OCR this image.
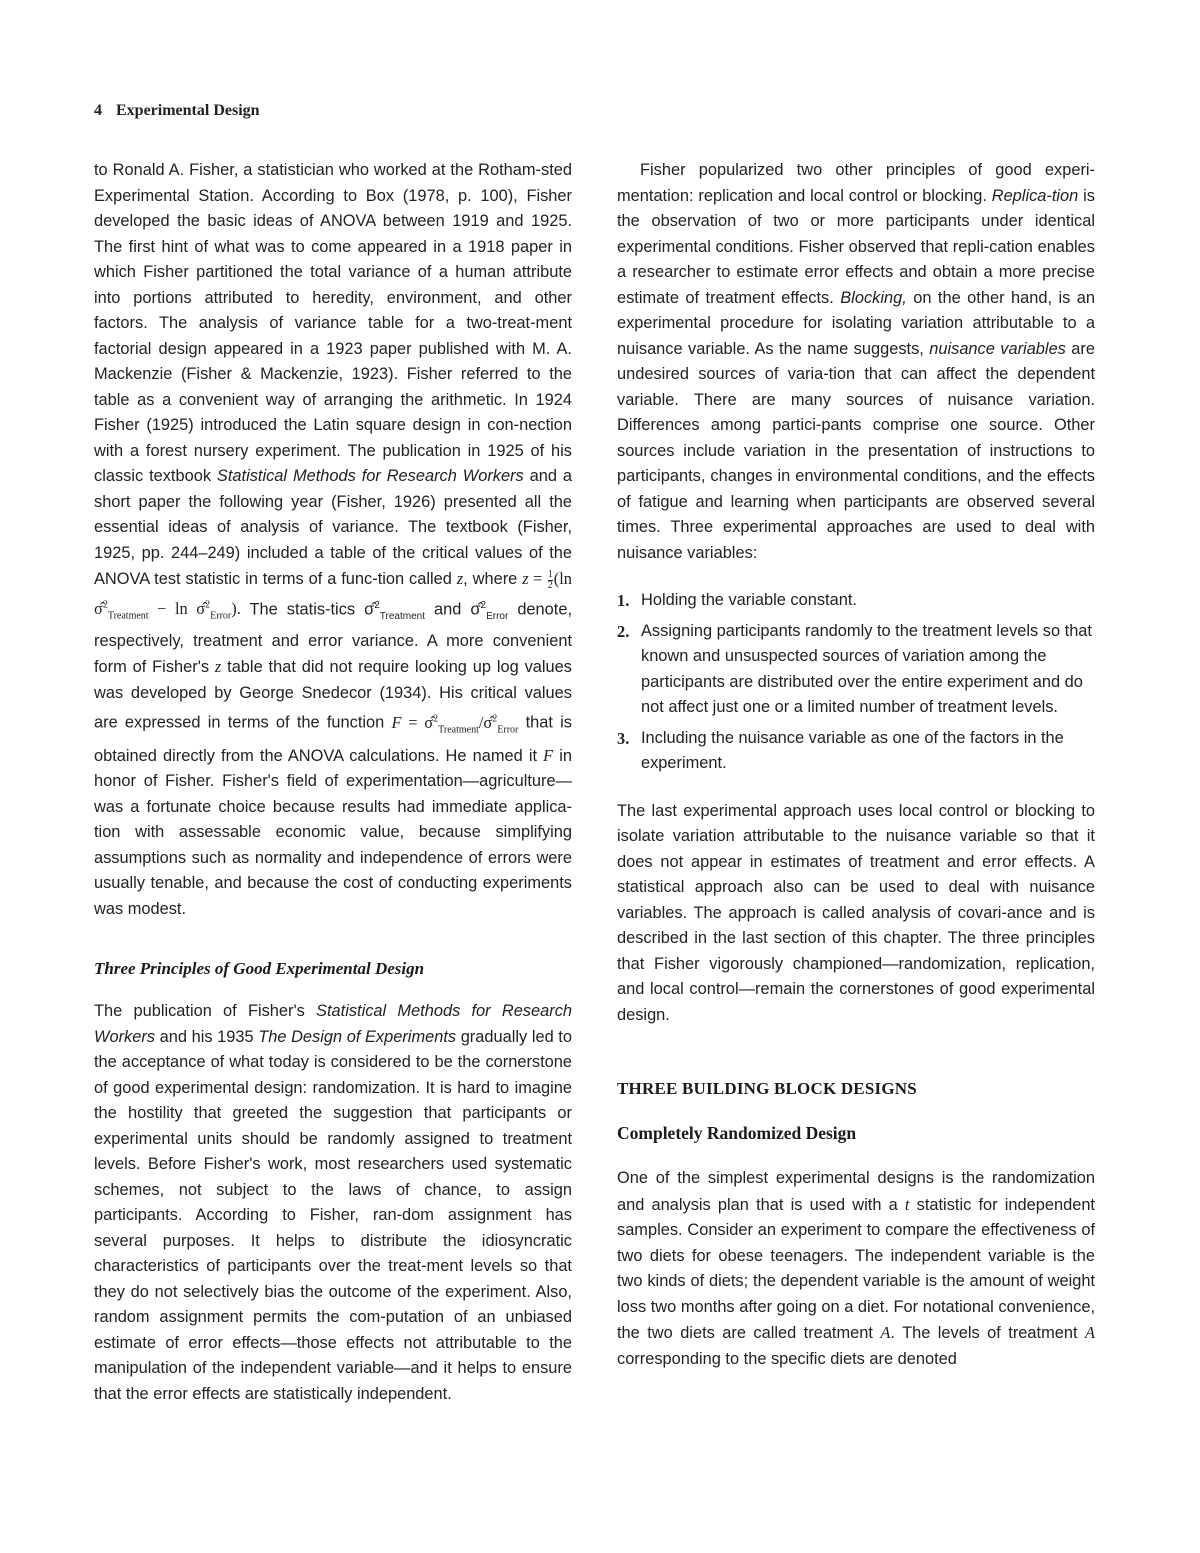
4 Experimental Design

to Ronald A. Fisher, a statistician who worked at the Rotham-sted Experimental Station. According to Box (1978, p. 100), Fisher developed the basic ideas of ANOVA between 1919 and 1925. The first hint of what was to come appeared in a 1918 paper in which Fisher partitioned the total variance of a human attribute into portions attributed to heredity, environment, and other factors. The analysis of variance table for a two-treat-ment factorial design appeared in a 1923 paper published with M. A. Mackenzie (Fisher & Mackenzie, 1923). Fisher referred to the table as a convenient way of arranging the arithmetic. In 1924 Fisher (1925) introduced the Latin square design in con-nection with a forest nursery experiment. The publication in 1925 of his classic textbook Statistical Methods for Research Workers and a short paper the following year (Fisher, 1926) presented all the essential ideas of analysis of variance. The textbook (Fisher, 1925, pp. 244–249) included a table of the critical values of the ANOVA test statistic in terms of a func-tion called z, where $z = \frac{1}{2} (\ln$ σ̂$^2_{Treatment}$ − ln σ̂$^2_{Error}$). The statis-tics σ̂$^2_{Treatment}$ and σ̂$^2_{Error}$ denote, respectively, treatment and error variance. A more convenient form of Fisher's z table that did not require looking up log values was developed by George Snedecor (1934). His critical values are expressed in terms of the function F = σ̂$^2_{Treatment}$/σ̂$^2_{Error}$ that is obtained directly from the ANOVA calculations. He named it F in honor of Fisher. Fisher's field of experimentation—agriculture—was a fortunate choice because results had immediate applica-tion with assessable economic value, because simplifying assumptions such as normality and independence of errors were usually tenable, and because the cost of conducting experiments was modest.

Three Principles of Good Experimental Design

The publication of Fisher's Statistical Methods for Research Workers and his 1935 The Design of Experiments gradually led to the acceptance of what today is considered to be the cornerstone of good experimental design: randomization. It is hard to imagine the hostility that greeted the suggestion that participants or experimental units should be randomly assigned to treatment levels. Before Fisher's work, most researchers used systematic schemes, not subject to the laws of chance, to assign participants. According to Fisher, ran-dom assignment has several purposes. It helps to distribute the idiosyncratic characteristics of participants over the treat-ment levels so that they do not selectively bias the outcome of the experiment. Also, random assignment permits the com-putation of an unbiased estimate of error effects—those effects not attributable to the manipulation of the independent variable—and it helps to ensure that the error effects are statistically independent.

Fisher popularized two other principles of good experi-mentation: replication and local control or blocking. Replica-tion is the observation of two or more participants under identical experimental conditions. Fisher observed that repli-cation enables a researcher to estimate error effects and obtain a more precise estimate of treatment effects. Blocking, on the other hand, is an experimental procedure for isolating variation attributable to a nuisance variable. As the name suggests, nuisance variables are undesired sources of varia-tion that can affect the dependent variable. There are many sources of nuisance variation. Differences among partici-pants comprise one source. Other sources include variation in the presentation of instructions to participants, changes in environmental conditions, and the effects of fatigue and learning when participants are observed several times. Three experimental approaches are used to deal with nuisance variables:

1. Holding the variable constant.
2. Assigning participants randomly to the treatment levels so that known and unsuspected sources of variation among the participants are distributed over the entire experiment and do not affect just one or a limited number of treatment levels.
3. Including the nuisance variable as one of the factors in the experiment.

The last experimental approach uses local control or blocking to isolate variation attributable to the nuisance variable so that it does not appear in estimates of treatment and error effects. A statistical approach also can be used to deal with nuisance variables. The approach is called analysis of covari-ance and is described in the last section of this chapter. The three principles that Fisher vigorously championed—randomization, replication, and local control—remain the cornerstones of good experimental design.

THREE BUILDING BLOCK DESIGNS
Completely Randomized Design

One of the simplest experimental designs is the randomization and analysis plan that is used with a t statistic for independent samples. Consider an experiment to compare the effectiveness of two diets for obese teenagers. The independent variable is the two kinds of diets; the dependent variable is the amount of weight loss two months after going on a diet. For notational convenience, the two diets are called treatment A. The levels of treatment A corresponding to the specific diets are denoted
